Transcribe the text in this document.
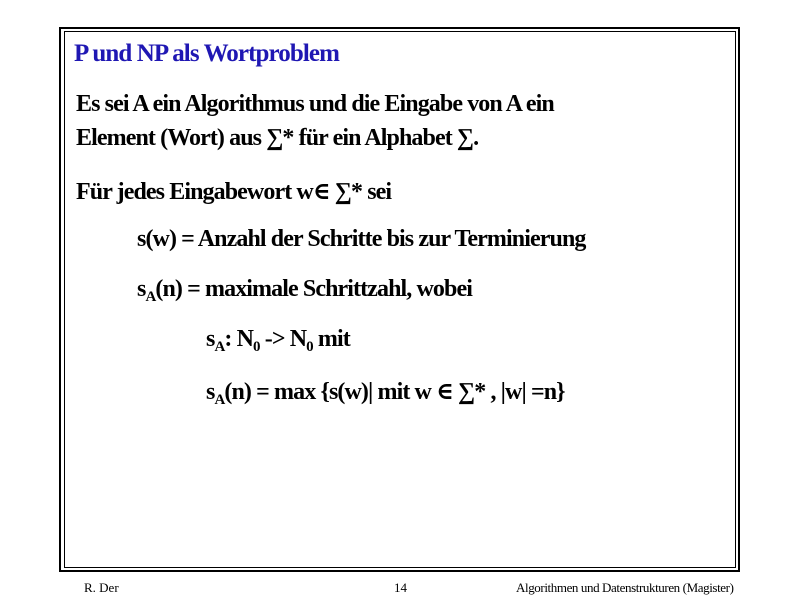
P und NP als Wortproblem
Es sei A ein Algorithmus und die Eingabe von A ein
Element (Wort) aus ∑* für ein Alphabet ∑.
Für jedes Eingabewort w∈ ∑* sei
s(w) = Anzahl der Schritte bis zur Terminierung
$s_A(n)$ = maximale Schrittzahl, wobei
$s_A$: $N_0 -> N_0$ mit
$s_A(n) = \max \{s(w)|$ mit w ∈ ∑* , |w| =n}
R. Der	14	Algorithmen und Datenstrukturen (Magister)
